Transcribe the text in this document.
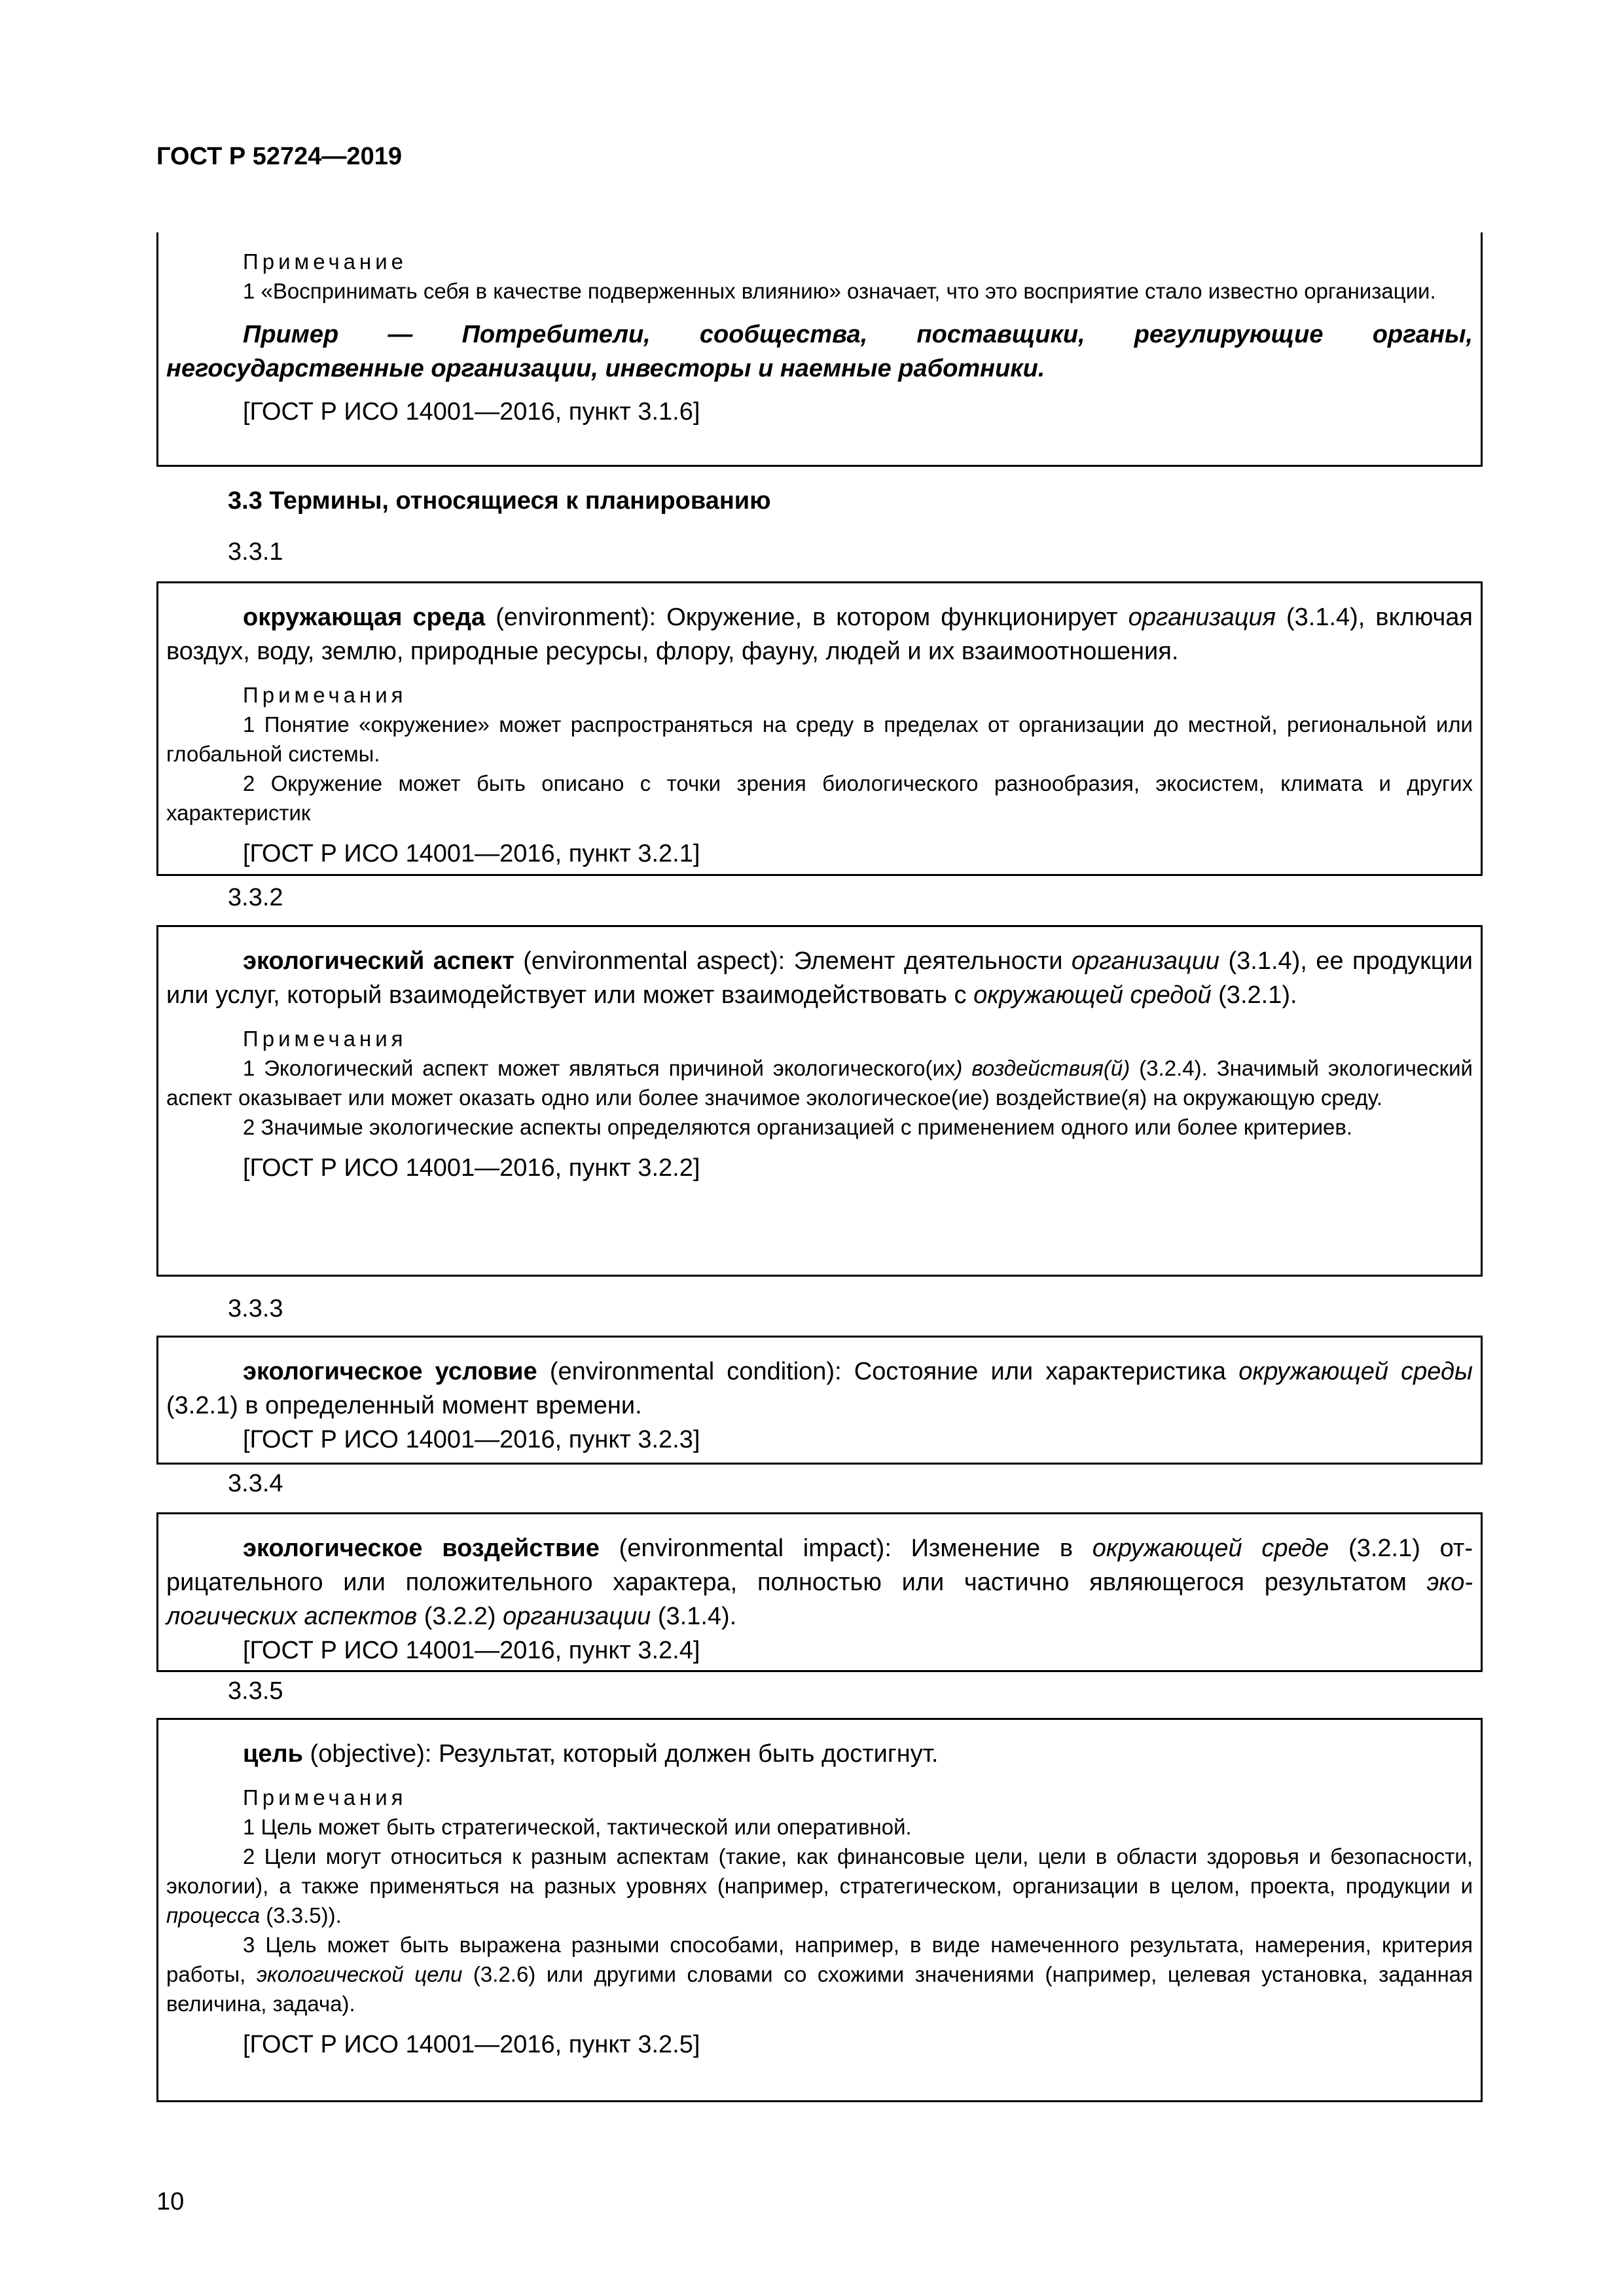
ГОСТ Р 52724—2019

Примечание

1 «Воспринимать себя в качестве подверженных влиянию» означает, что это восприятие стало известно организации.

Пример — Потребители, сообщества, поставщики, регулирующие органы, негосударственные организации, инвесторы и наемные работники.

[ГОСТ Р ИСО 14001—2016, пункт 3.1.6]

3.3 Термины, относящиеся к планированию
3.3.1

окружающая среда (environment): Окружение, в котором функционирует организация (3.1.4), включая воздух, воду, землю, природные ресурсы, флору, фауну, людей и их взаимоотношения.

Примечания

1 Понятие «окружение» может распространяться на среду в пределах от организации до местной, региональной или глобальной системы.

2 Окружение может быть описано с точки зрения биологического разнообразия, экосистем, климата и других характеристик

[ГОСТ Р ИСО 14001—2016, пункт 3.2.1]

3.3.2

экологический аспект (environmental aspect): Элемент деятельности организации (3.1.4), ее продукции или услуг, который взаимодействует или может взаимодействовать с окружающей средой (3.2.1).

Примечания

1 Экологический аспект может являться причиной экологического(их) воздействия(й) (3.2.4). Значимый экологический аспект оказывает или может оказать одно или более значимое экологическое(ие) воздействие(я) на окружающую среду.

2 Значимые экологические аспекты определяются организацией с применением одного или более критериев.

[ГОСТ Р ИСО 14001—2016, пункт 3.2.2]

3.3.3

экологическое условие (environmental condition): Состояние или характеристика окружающей среды (3.2.1) в определенный момент времени.

[ГОСТ Р ИСО 14001—2016, пункт 3.2.3]

3.3.4

экологическое воздействие (environmental impact): Изменение в окружающей среде (3.2.1) отрицательного или положительного характера, полностью или частично являющегося результатом экологических аспектов (3.2.2) организации (3.1.4).

[ГОСТ Р ИСО 14001—2016, пункт 3.2.4]

3.3.5

цель (objective): Результат, который должен быть достигнут.

Примечания

1 Цель может быть стратегической, тактической или оперативной.

2 Цели могут относиться к разным аспектам (такие, как финансовые цели, цели в области здоровья и безопасности, экологии), а также применяться на разных уровнях (например, стратегическом, организации в целом, проекта, продукции и процесса (3.3.5)).

3 Цель может быть выражена разными способами, например, в виде намеченного результата, намерения, критерия работы, экологической цели (3.2.6) или другими словами со схожими значениями (например, целевая установка, заданная величина, задача).

[ГОСТ Р ИСО 14001—2016, пункт 3.2.5]

10
